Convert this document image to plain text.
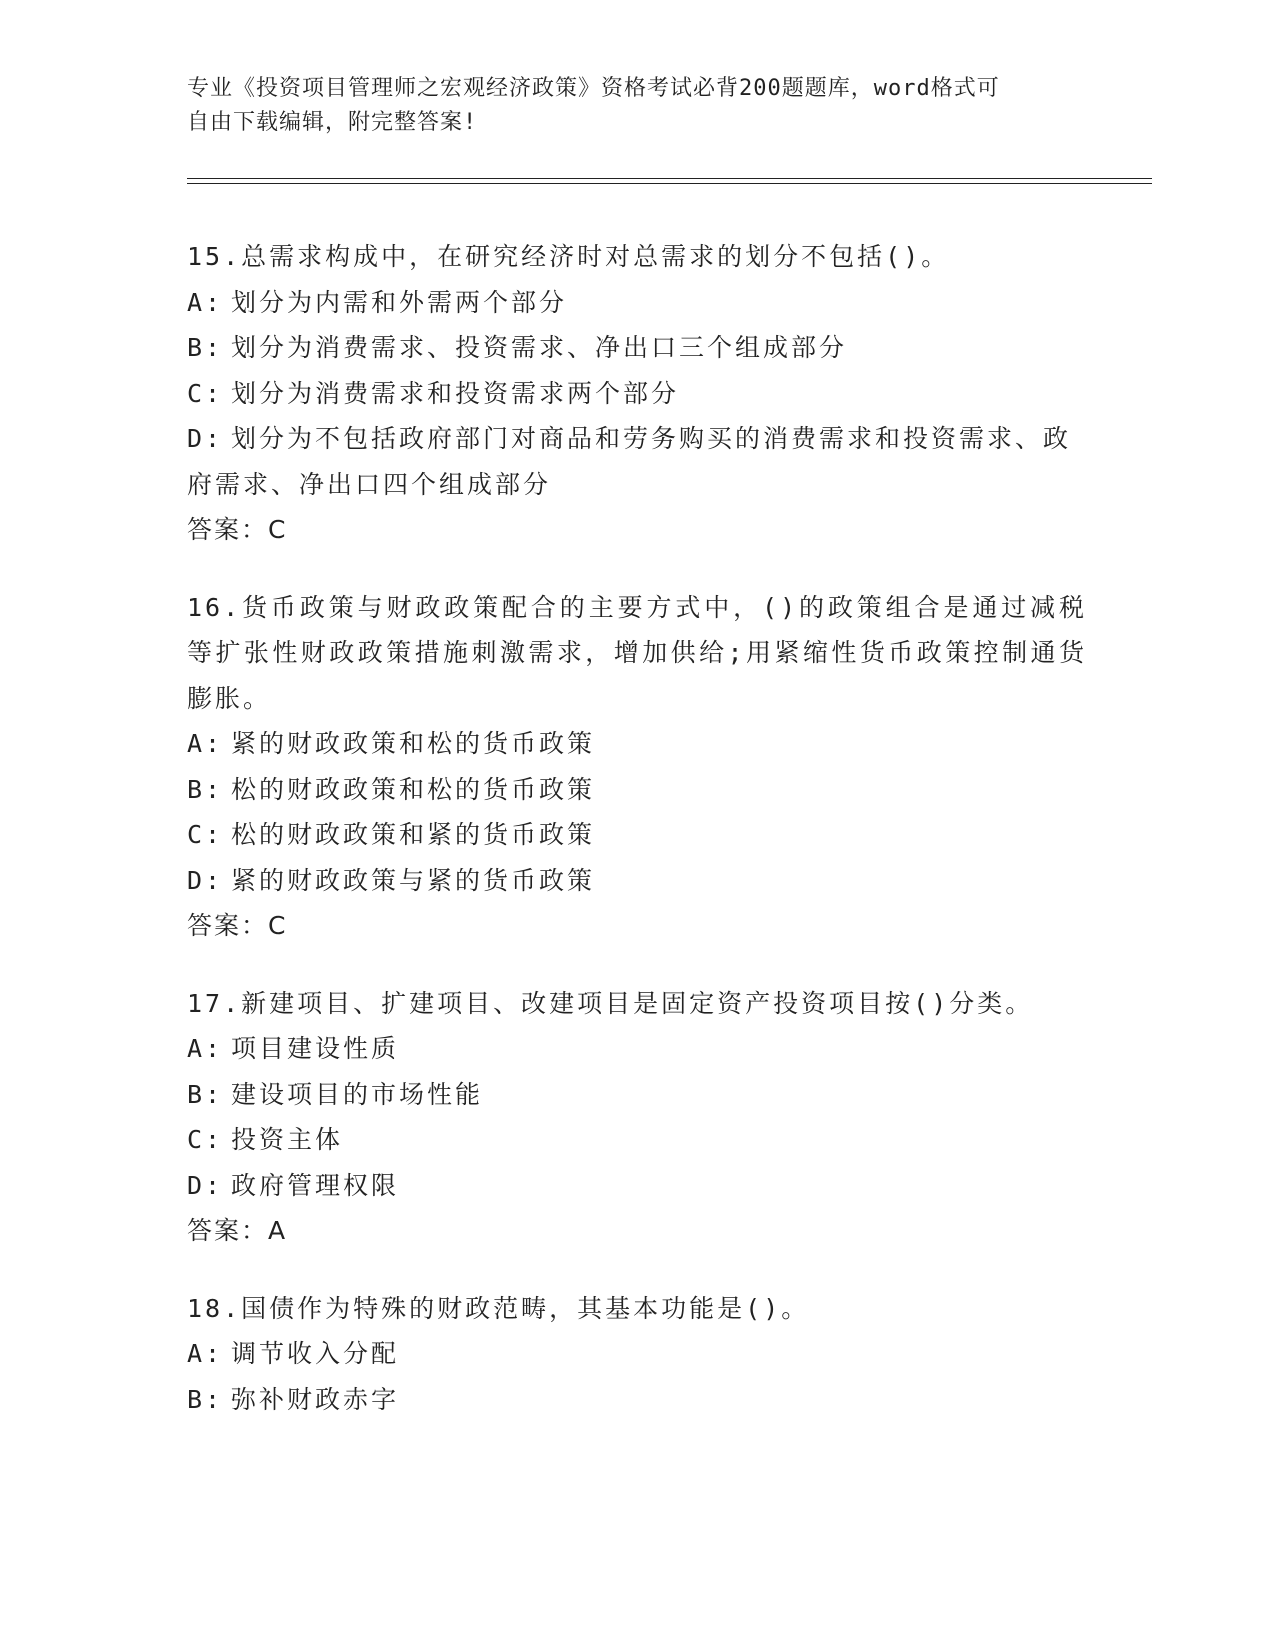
专业《投资项目管理师之宏观经济政策》资格考试必背200题题库，word格式可
自由下载编辑，附完整答案!
15.总需求构成中，在研究经济时对总需求的划分不包括()。
A: 划分为内需和外需两个部分
B: 划分为消费需求、投资需求、净出口三个组成部分
C: 划分为消费需求和投资需求两个部分
D: 划分为不包括政府部门对商品和劳务购买的消费需求和投资需求、政府需求、净出口四个组成部分
答案：C
16.货币政策与财政政策配合的主要方式中，()的政策组合是通过减税等扩张性财政政策措施刺激需求，增加供给;用紧缩性货币政策控制通货膨胀。
A: 紧的财政政策和松的货币政策
B: 松的财政政策和松的货币政策
C: 松的财政政策和紧的货币政策
D: 紧的财政政策与紧的货币政策
答案：C
17.新建项目、扩建项目、改建项目是固定资产投资项目按()分类。
A: 项目建设性质
B: 建设项目的市场性能
C: 投资主体
D: 政府管理权限
答案：A
18.国债作为特殊的财政范畴，其基本功能是()。
A: 调节收入分配
B: 弥补财政赤字
